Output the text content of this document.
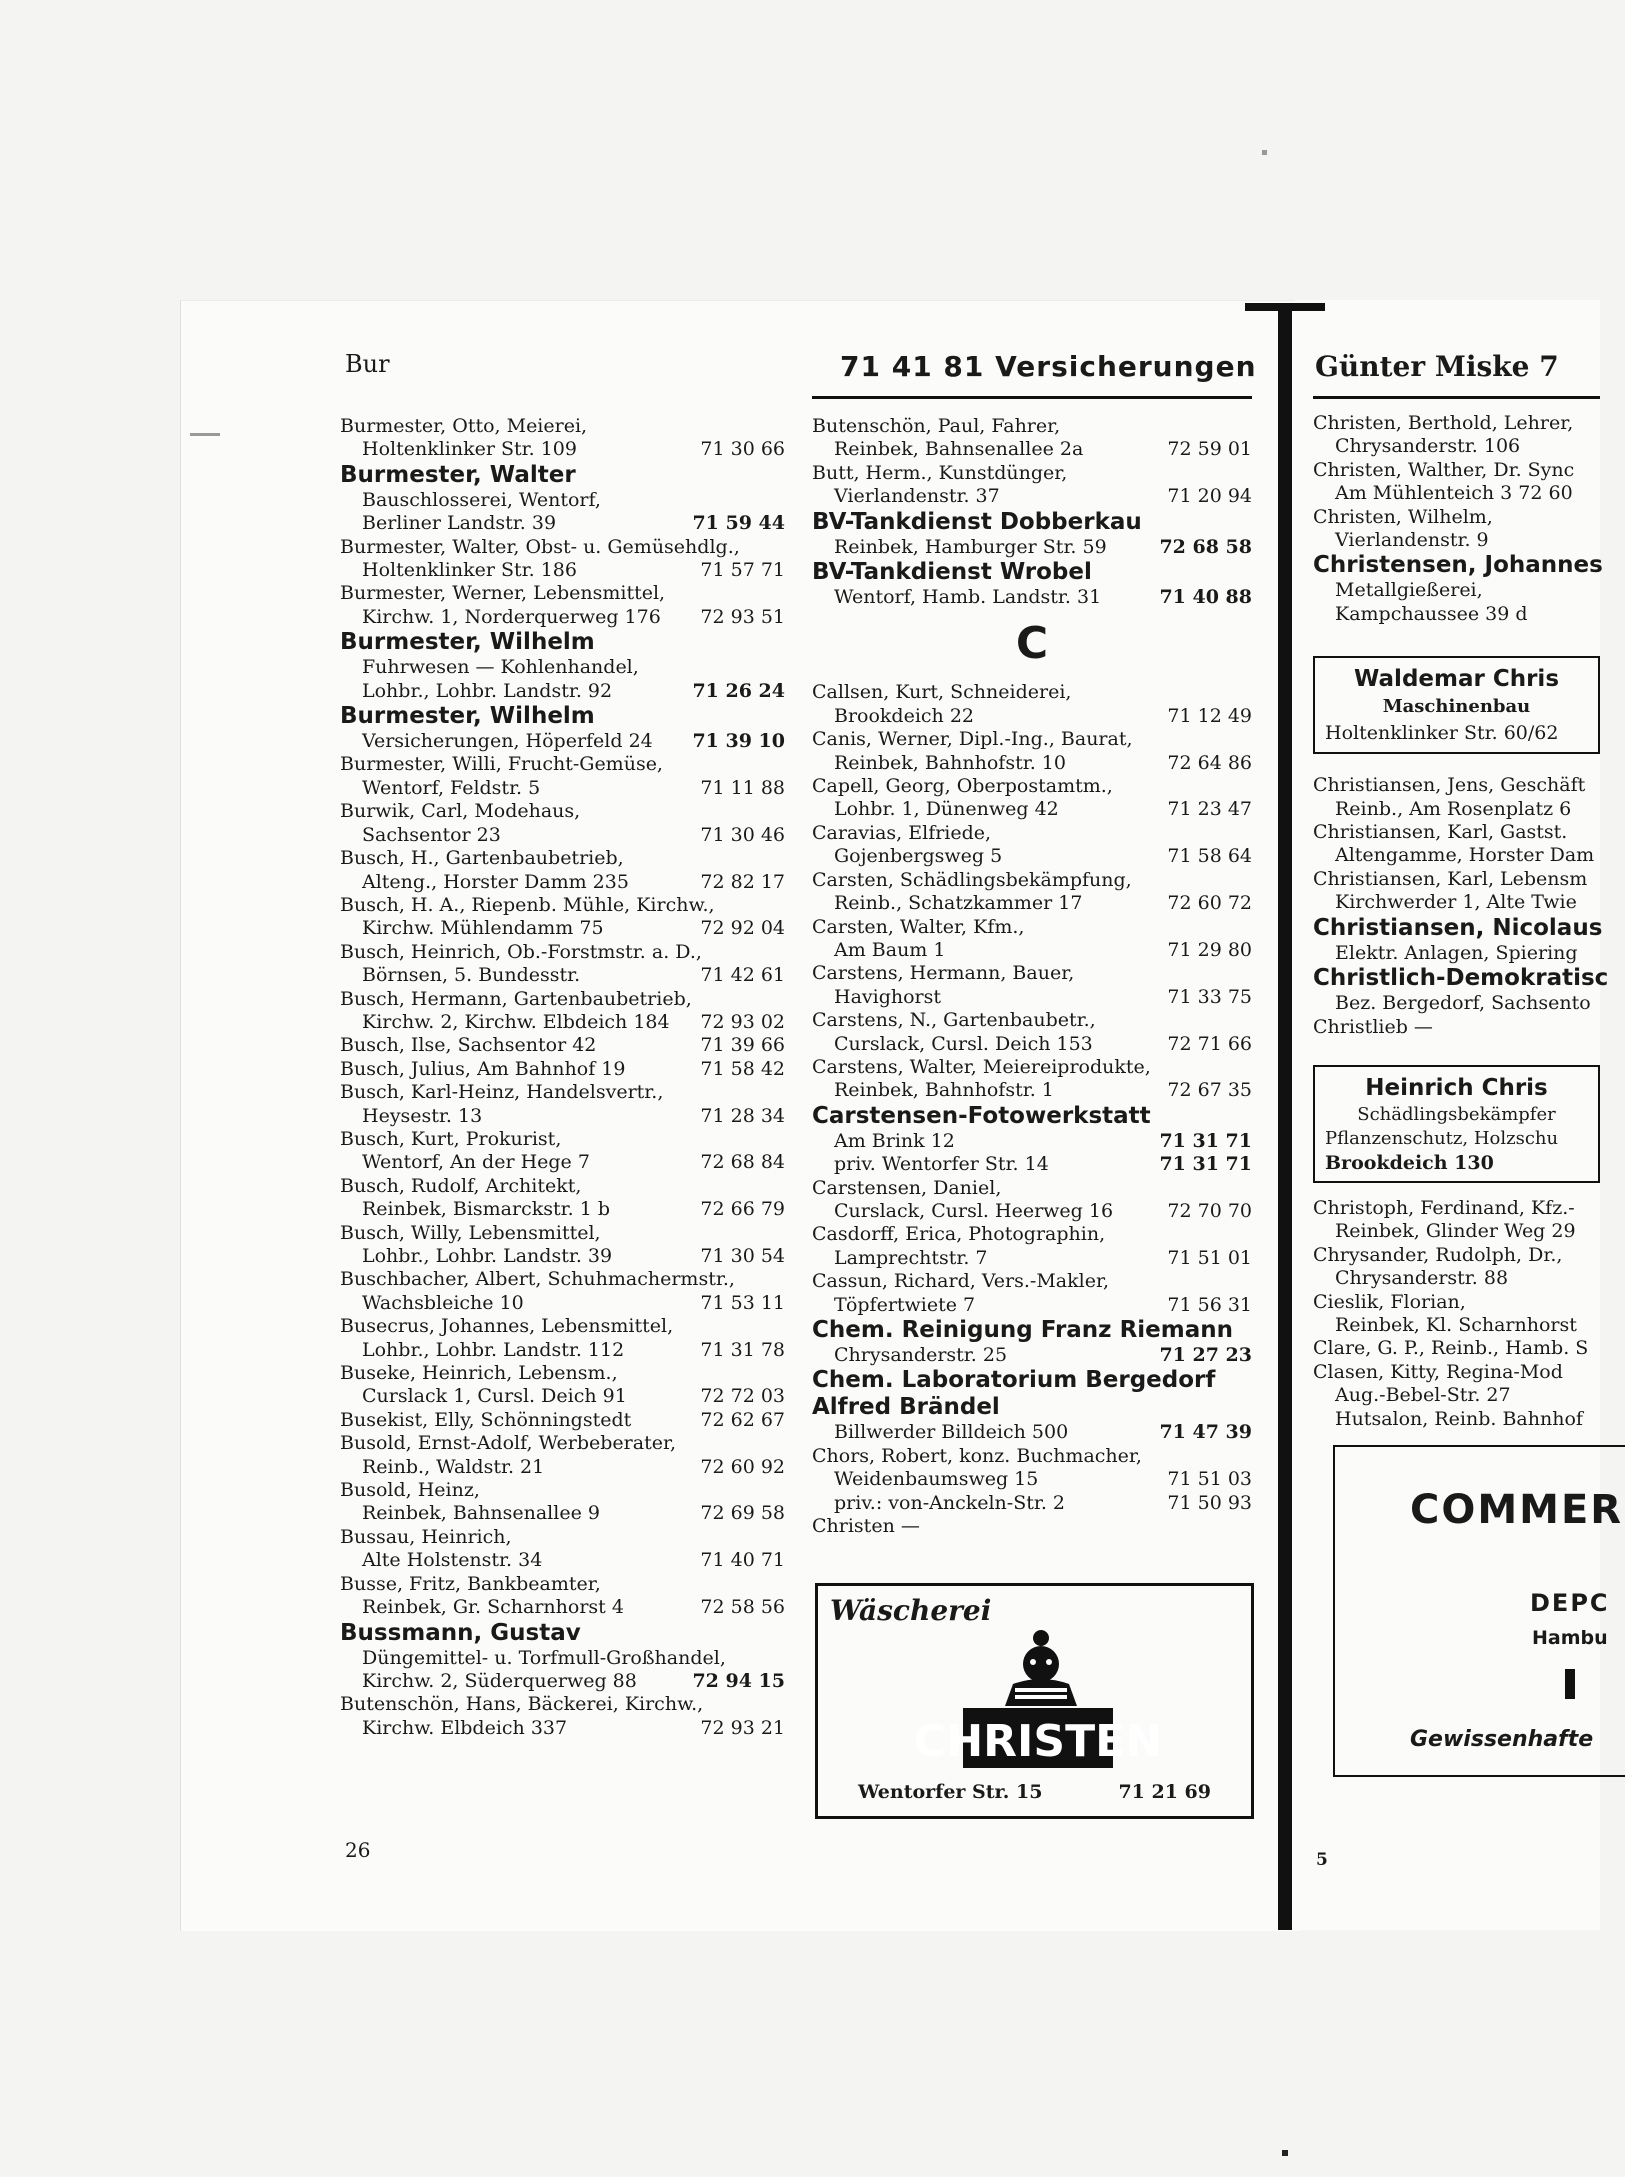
Bur	71 41 81 Versicherungen Günter Miske 7
Burmester, Otto, Meierei,
Holtenklinker Str. 109	71 30 66
Burmester, Walter
Bauschlosserei, Wentorf,
Berliner Landstr. 39	71 59 44
Burmester, Walter, Obst- u. Gemüsehdlg.,
Holtenklinker Str. 186	71 57 71
Burmester, Werner, Lebensmittel,
Kirchw. 1, Norderquerweg 176	72 93 51
Burmester, Wilhelm
Fuhrwesen — Kohlenhandel,
Lohbr., Lohbr. Landstr. 92	71 26 24
Burmester, Wilhelm
Versicherungen, Höperfeld 24	71 39 10
Burmester, Willi, Frucht-Gemüse,
Wentorf, Feldstr. 5	71 11 88
Burwik, Carl, Modehaus,
Sachsentor 23	71 30 46
Busch, H., Gartenbaubetrieb,
Alteng., Horster Damm 235	72 82 17
Busch, H. A., Riepenb. Mühle, Kirchw.,
Kirchw. Mühlendamm 75	72 92 04
Busch, Heinrich, Ob.-Forstmstr. a. D.,
Börnsen, 5. Bundesstr.	71 42 61
Busch, Hermann, Gartenbaubetrieb,
Kirchw. 2, Kirchw. Elbdeich 184	72 93 02
Busch, Ilse, Sachsentor 42	71 39 66
Busch, Julius, Am Bahnhof 19	71 58 42
Busch, Karl-Heinz, Handelsvertr.,
Heysestr. 13	71 28 34
Busch, Kurt, Prokurist,
Wentorf, An der Hege 7	72 68 84
Busch, Rudolf, Architekt,
Reinbek, Bismarckstr. 1 b	72 66 79
Busch, Willy, Lebensmittel,
Lohbr., Lohbr. Landstr. 39	71 30 54
Buschbacher, Albert, Schuhmachermstr.,
Wachsbleiche 10	71 53 11
Busecrus, Johannes, Lebensmittel,
Lohbr., Lohbr. Landstr. 112	71 31 78
Buseke, Heinrich, Lebensm.,
Curslack 1, Cursl. Deich 91	72 72 03
Busekist, Elly, Schönningstedt	72 62 67
Busold, Ernst-Adolf, Werbeberater,
Reinb., Waldstr. 21	72 60 92
Busold, Heinz,
Reinbek, Bahnsenallee 9	72 69 58
Bussau, Heinrich,
Alte Holstenstr. 34	71 40 71
Busse, Fritz, Bankbeamter,
Reinbek, Gr. Scharnhorst 4	72 58 56
Bussmann, Gustav
Düngemittel- u. Torfmull-Großhandel,
Kirchw. 2, Süderquerweg 88	72 94 15
Butenschön, Hans, Bäckerei, Kirchw.,
Kirchw. Elbdeich 337	72 93 21
Butenschön, Paul, Fahrer,
Reinbek, Bahnsenallee 2a	72 59 01
Butt, Herm., Kunstdünger,
Vierlandenstr. 37	71 20 94
BV-Tankdienst Dobberkau
Reinbek, Hamburger Str. 59	72 68 58
BV-Tankdienst Wrobel
Wentorf, Hamb. Landstr. 31	71 40 88
C
Callsen, Kurt, Schneiderei,
Brookdeich 22	71 12 49
Canis, Werner, Dipl.-Ing., Baurat,
Reinbek, Bahnhofstr. 10	72 64 86
Capell, Georg, Oberpostamtm.,
Lohbr. 1, Dünenweg 42	71 23 47
Caravias, Elfriede,
Gojenbergsweg 5	71 58 64
Carsten, Schädlingsbekämpfung,
Reinb., Schatzkammer 17	72 60 72
Carsten, Walter, Kfm.,
Am Baum 1	71 29 80
Carstens, Hermann, Bauer,
Havighorst	71 33 75
Carstens, N., Gartenbaubetr.,
Curslack, Cursl. Deich 153	72 71 66
Carstens, Walter, Meiereiprodukte,
Reinbek, Bahnhofstr. 1	72 67 35
Carstensen-Fotowerkstatt
Am Brink 12	71 31 71
priv. Wentorfer Str. 14	71 31 71
Carstensen, Daniel,
Curslack, Cursl. Heerweg 16	72 70 70
Casdorff, Erica, Photographin,
Lamprechtstr. 7	71 51 01
Cassun, Richard, Vers.-Makler,
Töpfertwiete 7	71 56 31
Chem. Reinigung Franz Riemann
Chrysanderstr. 25	71 27 23
Chem. Laboratorium Bergedorf
Alfred Brändel
Billwerder Billdeich 500	71 47 39
Chors, Robert, konz. Buchmacher,
Weidenbaumsweg 15	71 51 03
priv.: von-Anckeln-Str. 2	71 50 93
Christen —
Wäscherei
CHRISTEN
Wentorfer Str. 15	71 21 69
Christen, Berthold, Lehrer,
Chrysanderstr. 106
Christen, Walther, Dr. Sync
Am Mühlenteich 3 72 60
Christen, Wilhelm,
Vierlandenstr. 9
Christensen, Johannes
Metallgießerei,
Kampchaussee 39 d
Waldemar Chris
Maschinenbau
Holtenklinker Str. 60/62
Christiansen, Jens, Geschäft
Reinb., Am Rosenplatz 6
Christiansen, Karl, Gastst.
Altengamme, Horster Dam
Christiansen, Karl, Lebensm
Kirchwerder 1, Alte Twie
Christiansen, Nicolaus
Elektr. Anlagen, Spiering
Christlich-Demokratisc
Bez. Bergedorf, Sachsento
Christlieb —
Heinrich Chris
Schädlingsbekämpfer
Pflanzenschutz, Holzschu
Brookdeich 130
Christoph, Ferdinand, Kfz.-
Reinbek, Glinder Weg 29
Chrysander, Rudolph, Dr.,
Chrysanderstr. 88
Cieslik, Florian,
Reinbek, Kl. Scharnhorst
Clare, G. P., Reinb., Hamb. S
Clasen, Kitty, Regina-Mod
Aug.-Bebel-Str. 27
Hutsalon, Reinb. Bahnhof
COMMER
DEPC
Hambu
Gewissenhafte
26	5
